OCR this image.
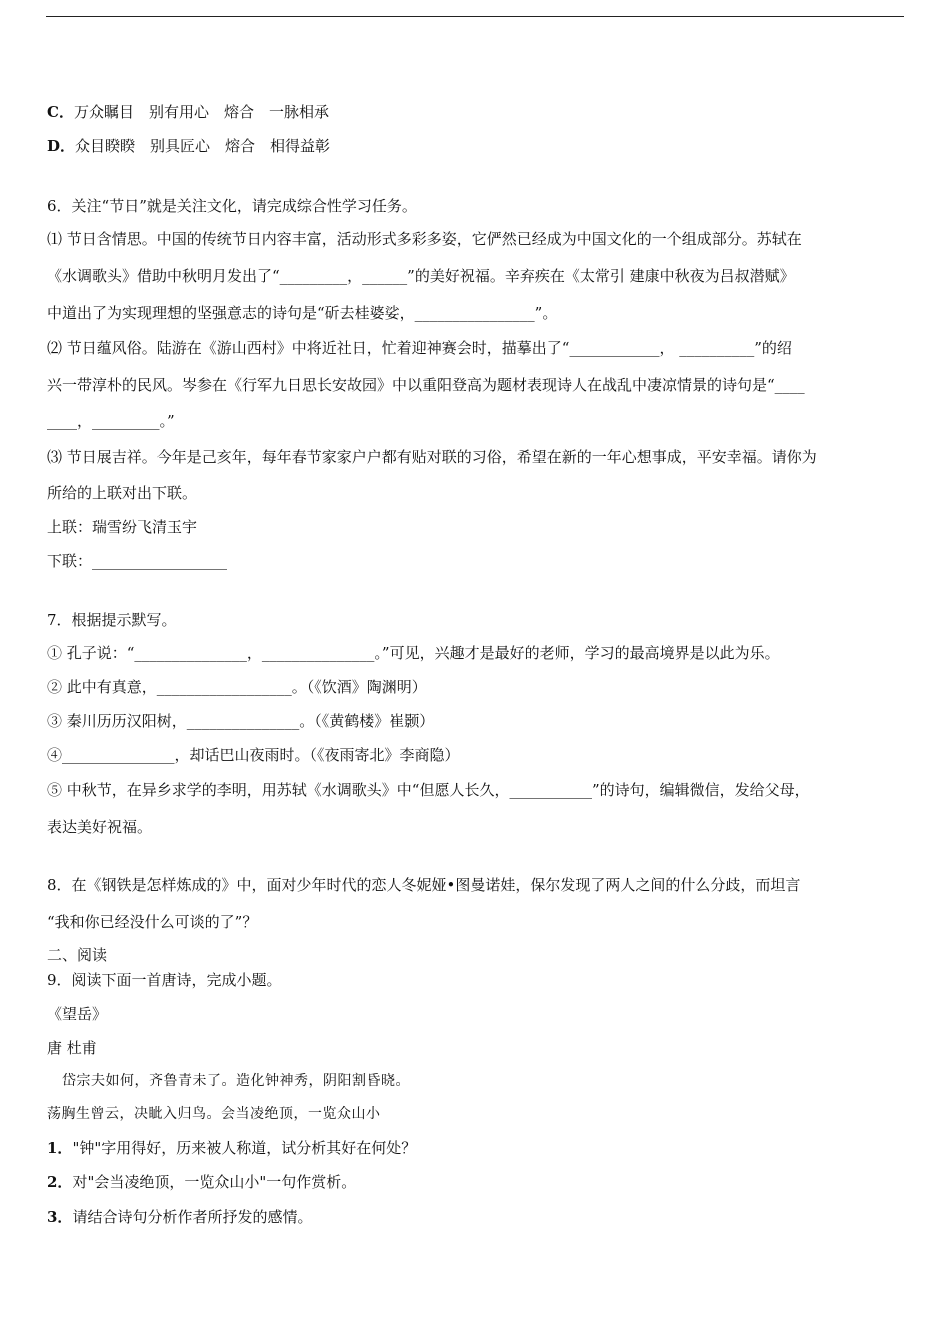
C．万众瞩目　别有用心　熔合　一脉相承
D．众目睽睽　别具匠心　熔合　相得益彰
6．关注“节日”就是关注文化，请完成综合性学习任务。
⑴ 节日含情思。中国的传统节日内容丰富，活动形式多彩多姿，它俨然已经成为中国文化的一个组成部分。苏轼在
《水调歌头》借助中秋明月发出了“_________，______”的美好祝福。辛弃疾在《太常引 建康中秋夜为吕叔潜赋》
中道出了为实现理想的坚强意志的诗句是“斫去桂婆娑，________________”。
⑵ 节日蕴风俗。陆游在《游山西村》中将近社日，忙着迎神赛会时，描摹出了“____________， __________”的绍
兴一带淳朴的民风。岑参在《行军九日思长安故园》中以重阳登高为题材表现诗人在战乱中凄凉情景的诗句是“____
____，_________。”
⑶ 节日展吉祥。今年是己亥年，每年春节家家户户都有贴对联的习俗，希望在新的一年心想事成，平安幸福。请你为
所给的上联对出下联。
上联：瑞雪纷飞清玉宇
下联：__________________
7．根据提示默写。
① 孔子说：“_______________，_______________。”可见，兴趣才是最好的老师，学习的最高境界是以此为乐。
② 此中有真意，__________________。（《饮酒》陶渊明）
③ 秦川历历汉阳树，_______________。（《黄鹤楼》崔颢）
④_______________，却话巴山夜雨时。（《夜雨寄北》李商隐）
⑤ 中秋节，在异乡求学的李明，用苏轼《水调歌头》中“但愿人长久，___________”的诗句，编辑微信，发给父母，
表达美好祝福。
8．在《钢铁是怎样炼成的》中，面对少年时代的恋人冬妮娅•图曼诺娃，保尔发现了两人之间的什么分歧，而坦言
“我和你已经没什么可谈的了”？
二、阅读
9．阅读下面一首唐诗，完成小题。
《望岳》
唐 杜甫
岱宗夫如何，齐鲁青未了。造化钟神秀，阴阳割昏晓。
荡胸生曾云，决眦入归鸟。会当凌绝顶，一览众山小
1．"钟"字用得好，历来被人称道，试分析其好在何处？
2．对"会当凌绝顶，一览众山小"一句作赏析。
3．请结合诗句分析作者所抒发的感情。
